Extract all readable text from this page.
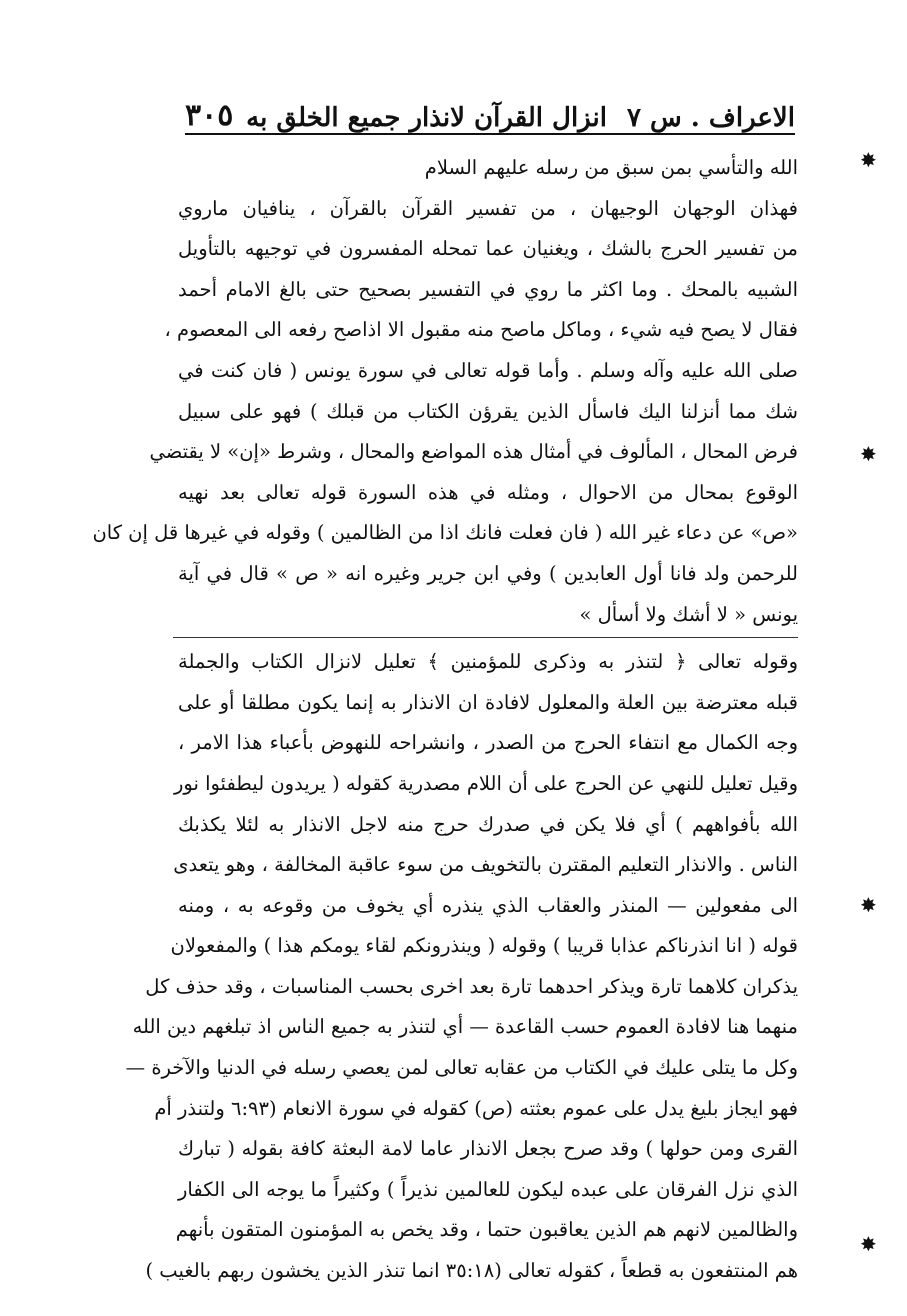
الاعراف . س ٧
انزال القرآن لانذار جميع الخلق به
٣٠٥
الله والتأسي بمن سبق من رسله عليهم السلام
فهذان الوجهان الوجيهان ، من تفسير القرآن بالقرآن ، ينافيان ماروي
من تفسير الحرج بالشك ، ويغنيان عما تمحله المفسرون في توجيهه بالتأويل
الشبيه بالمحك . وما اكثر ما روي في التفسير بصحيح حتى بالغ الامام أحمد
فقال لا يصح فيه شيء ، وماكل ماصح منه مقبول الا اذاصح رفعه الى المعصوم ،
صلى الله عليه وآله وسلم . وأما قوله تعالى في سورة يونس ( فان كنت في
شك مما أنزلنا اليك فاسأل الذين يقرؤن الكتاب من قبلك ) فهو على سبيل
فرض المحال ، المألوف في أمثال هذه المواضع والمحال ، وشرط «إن» لا يقتضي
الوقوع بمحال من الاحوال ، ومثله في هذه السورة قوله تعالى بعد نهيه
«ص» عن دعاء غير الله ( فان فعلت فانك اذا من الظالمين ) وقوله في غيرها قل إن كان
للرحمن ولد فانا أول العابدين ) وفي ابن جرير وغيره انه « ص » قال في آية
يونس « لا أشك ولا أسأل »
وقوله تعالى ﴿ لتنذر به وذكرى للمؤمنين ﴾ تعليل لانزال الكتاب والجملة
قبله معترضة بين العلة والمعلول لافادة ان الانذار به إنما يكون مطلقا أو على
وجه الكمال مع انتفاء الحرج من الصدر ، وانشراحه للنهوض بأعباء هذا الامر ،
وقيل تعليل للنهي عن الحرج على أن اللام مصدرية كقوله ( يريدون ليطفئوا نور
الله بأفواههم ) أي فلا يكن في صدرك حرج منه لاجل الانذار به لئلا يكذبك
الناس . والانذار التعليم المقترن بالتخويف من سوء عاقبة المخالفة ، وهو يتعدى
الى مفعولين — المنذر والعقاب الذي ينذره أي يخوف من وقوعه به ، ومنه
قوله ( انا انذرناكم عذابا قريبا ) وقوله ( وينذرونكم لقاء يومكم هذا ) والمفعولان
يذكران كلاهما تارة ويذكر احدهما تارة بعد اخرى بحسب المناسبات ، وقد حذف كل
منهما هنا لافادة العموم حسب القاعدة — أي لتنذر به جميع الناس اذ تبلغهم دين الله
وكل ما يتلى عليك في الكتاب من عقابه تعالى لمن يعصي رسله في الدنيا والآخرة —
فهو ايجاز بليغ يدل على عموم بعثته (ص) كقوله في سورة الانعام (٦:٩٣ ولتنذر أم
القرى ومن حولها ) وقد صرح بجعل الانذار عاما لامة البعثة كافة بقوله ( تبارك
الذي نزل الفرقان على عبده ليكون للعالمين نذيراً ) وكثيراً ما يوجه الى الكفار
والظالمين لانهم هم الذين يعاقبون حتما ، وقد يخص به المؤمنون المتقون بأنهم
هم المنتفعون به قطعاً ، كقوله تعالى (٣٥:١٨ انما تنذر الذين يخشون ربهم بالغيب )
✸
✸
✸
✸
